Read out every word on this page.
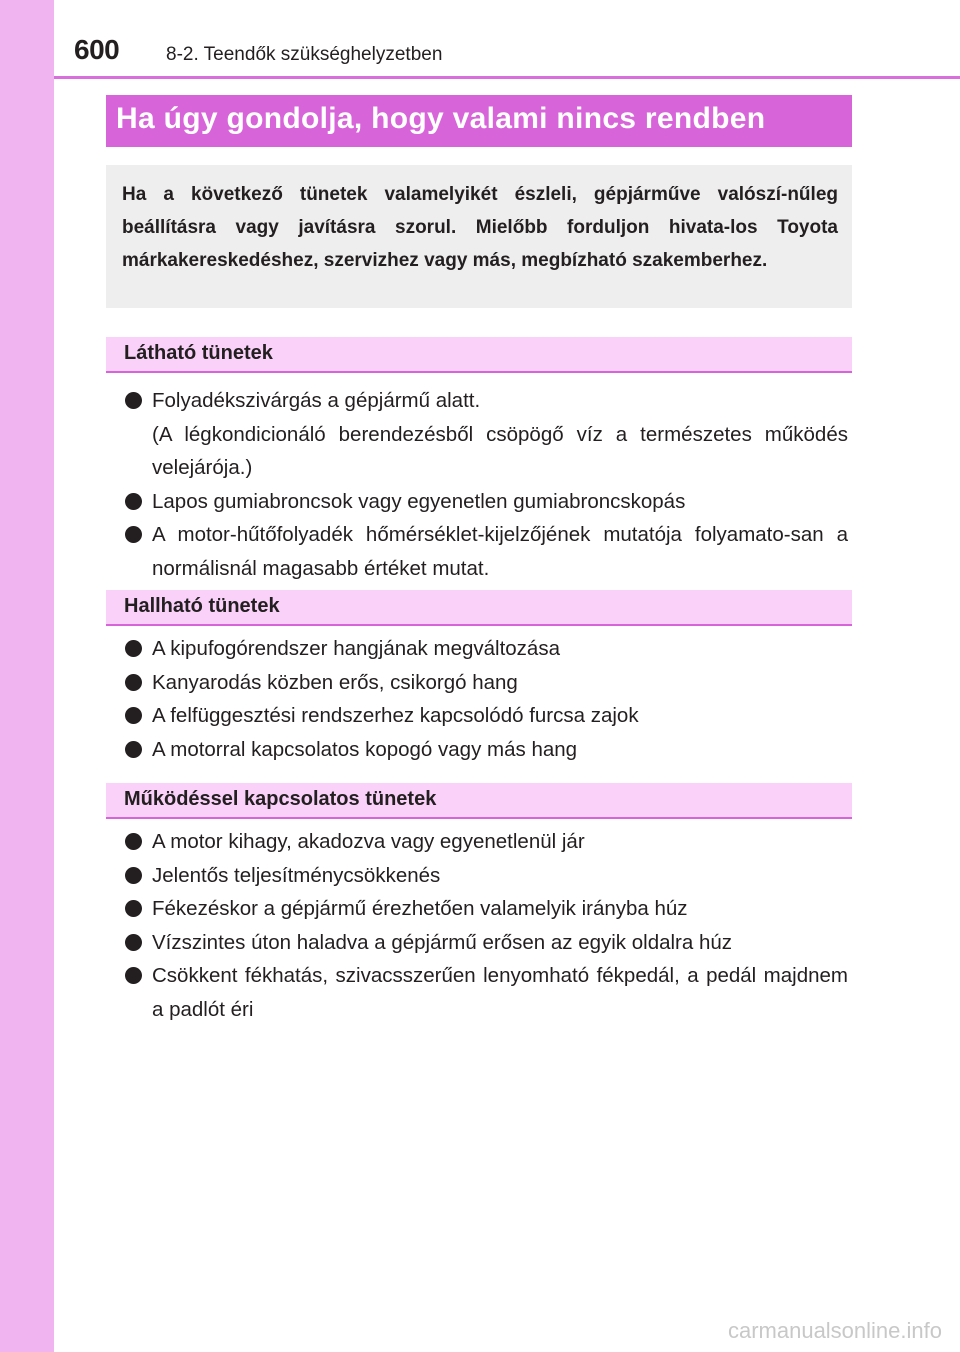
600 8-2. Teendők szükséghelyzetben
Ha úgy gondolja, hogy valami nincs rendben
Ha a következő tünetek valamelyikét észleli, gépjárműve valószí-nűleg beállításra vagy javításra szorul. Mielőbb forduljon hivata-los Toyota márkakereskedéshez, szervizhez vagy más, megbízható szakemberhez.
Látható tünetek
Folyadékszivárgás a gépjármű alatt.
(A légkondicionáló berendezésből csöpögő víz a természetes működés velejárója.)
Lapos gumiabroncsok vagy egyenetlen gumiabroncskopás
A motor-hűtőfolyadék hőmérséklet-kijelzőjének mutatója folyamato-san a normálisnál magasabb értéket mutat.
Hallható tünetek
A kipufogórendszer hangjának megváltozása
Kanyarodás közben erős, csikorgó hang
A felfüggesztési rendszerhez kapcsolódó furcsa zajok
A motorral kapcsolatos kopogó vagy más hang
Működéssel kapcsolatos tünetek
A motor kihagy, akadozva vagy egyenetlenül jár
Jelentős teljesítménycsökkenés
Fékezéskor a gépjármű érezhetően valamelyik irányba húz
Vízszintes úton haladva a gépjármű erősen az egyik oldalra húz
Csökkent fékhatás, szivacsszerűen lenyomható fékpedál, a pedál majdnem a padlót éri
carmanualsonline.info
